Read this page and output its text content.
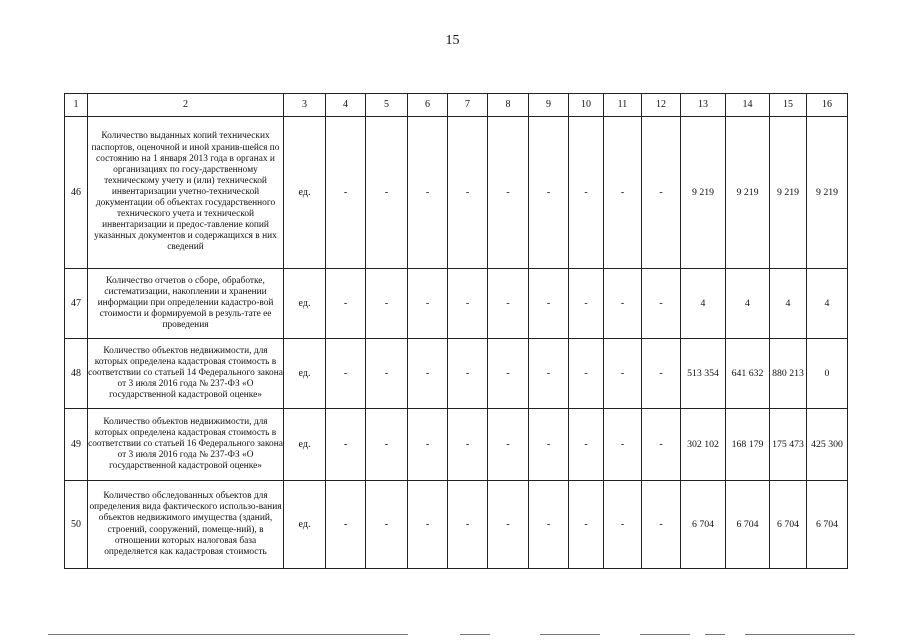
15
1	2	3	4	5	6	7	8	9	10	11	12	13	14	15	16
46	Количество выданных копий технических паспортов, оценочной и иной хранив-шейся по состоянию на 1 января 2013 года в органах и организациях по госу-дарственному техническому учету и (или) технической инвентаризации учетно-технической документации об объектах государственного технического учета и технической инвентаризации и предос-тавление копий указанных документов и содержащихся в них сведений	ед.	-	-	-	-	-	-	-	-	-	9 219	9 219	9 219	9 219
47	Количество отчетов о сборе, обработке, систематизации, накоплении и хранении информации при определении кадастро-вой стоимости и формируемой в резуль-тате ее проведения	ед.	-	-	-	-	-	-	-	-	-	4	4	4	4
48	Количество объектов недвижимости, для которых определена кадастровая стоимость в соответствии со статьей 14 Федерального закона от 3 июля 2016 года № 237-ФЗ «О государственной кадастровой оценке»	ед.	-	-	-	-	-	-	-	-	-	513 354	641 632	880 213	0
49	Количество объектов недвижимости, для которых определена кадастровая стоимость в соответствии со статьей 16 Федерального закона от 3 июля 2016 года № 237-ФЗ «О государственной кадастровой оценке»	ед.	-	-	-	-	-	-	-	-	-	302 102	168 179	175 473	425 300
50	Количество обследованных объектов для определения вида фактического использо-вания объектов недвижимого имущества (зданий, строений, сооружений, помеще-ний), в отношении которых налоговая база определяется как кадастровая стоимость	ед.	-	-	-	-	-	-	-	-	-	6 704	6 704	6 704	6 704
